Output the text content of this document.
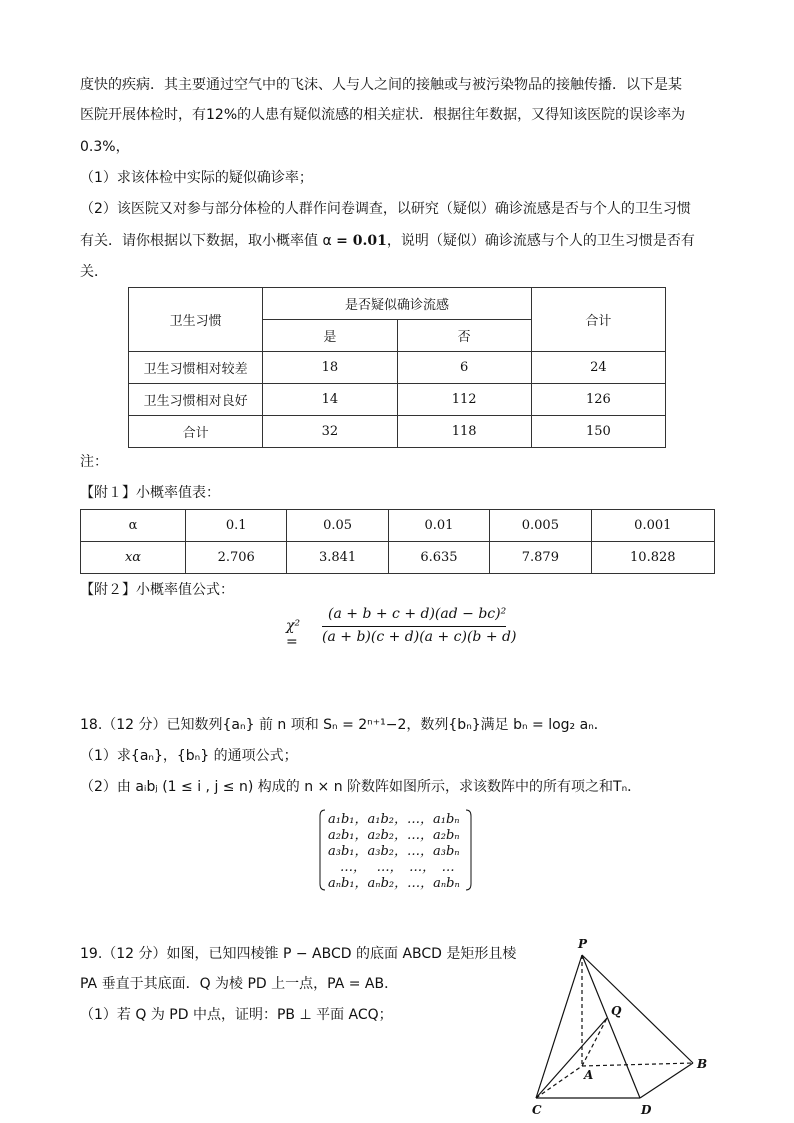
度快的疾病．其主要通过空气中的飞沫、人与人之间的接触或与被污染物品的接触传播．以下是某
医院开展体检时，有12%的人患有疑似流感的相关症状．根据往年数据，又得知该医院的误诊率为
0.3%，
（1）求该体检中实际的疑似确诊率；
（2）该医院又对参与部分体检的人群作问卷调查，以研究（疑似）确诊流感是否与个人的卫生习惯
有关．请你根据以下数据，取小概率值 α = 0.01，说明（疑似）确诊流感与个人的卫生习惯是否有
关．
卫生习惯	是否疑似确诊流感		合计
	是	否	
卫生习惯相对较差	18	6	24
卫生习惯相对良好	14	112	126
合计	32	118	150
注：
【附１】小概率值表：
α	0.1	0.05	0.01	0.005	0.001
xα	2.706	3.841	6.635	7.879	10.828
【附２】小概率值公式：
χ² =
(a + b + c + d)(ad − bc)²
(a + b)(c + d)(a + c)(b + d)
18.（12 分）已知数列{aₙ} 前 n 项和 Sₙ = 2ⁿ⁺¹−2，数列{bₙ}满足 bₙ = log₂ aₙ．
（1）求{aₙ}，{bₙ} 的通项公式；
（2）由 aᵢbⱼ (1 ≤ i , j ≤ n) 构成的 n × n 阶数阵如图所示，求该数阵中的所有项之和Tₙ．
a₁b₁，a₁b₂，…，a₁bₙ
a₂b₁，a₂b₂，…，a₂bₙ
a₃b₁，a₃b₂，…，a₃bₙ
…，　 …，　…，　…
aₙb₁，aₙb₂，…，aₙbₙ
19.（12 分）如图，已知四棱锥 P − ABCD 的底面 ABCD 是矩形且棱
PA 垂直于其底面．Q 为棱 PD 上一点，PA = AB．
（1）若 Q 为 PD 中点，证明：PB ⊥ 平面 ACQ；
P
Q
A
B
C	D
